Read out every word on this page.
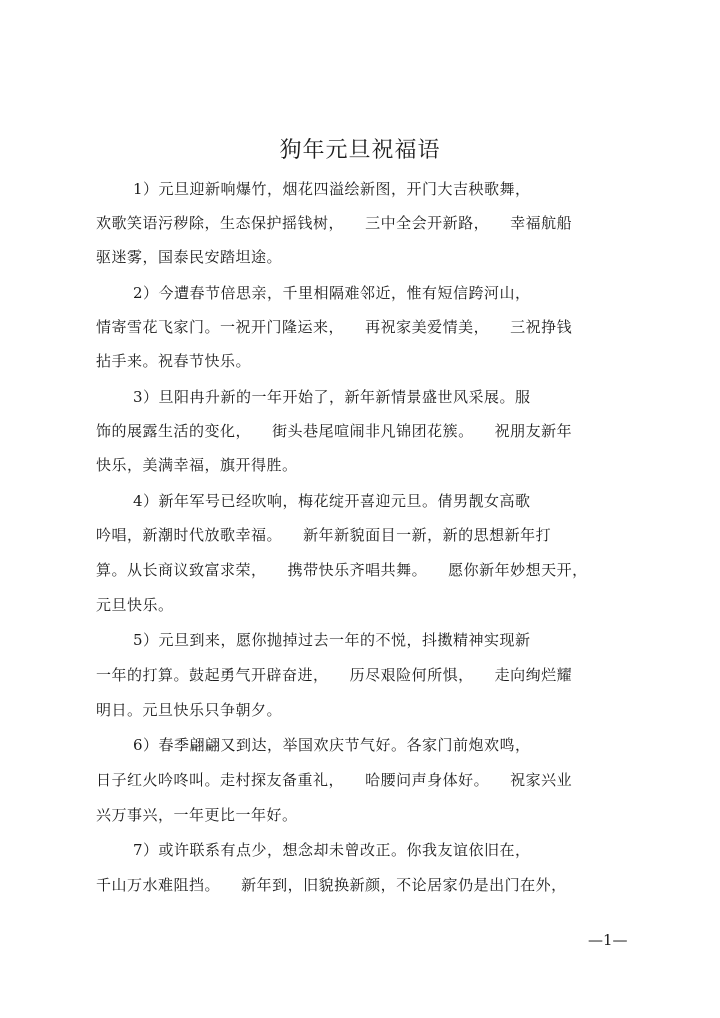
狗年元旦祝福语
1）元旦迎新响爆竹，烟花四溢绘新图，开门大吉秧歌舞，
欢歌笑语污秽除，生态保护摇钱树，    三中全会开新路，    幸福航船
驱迷雾，国泰民安踏坦途。
2）今遭春节倍思亲，千里相隔难邻近，惟有短信跨河山，
情寄雪花飞家门。一祝开门隆运来，    再祝家美爱情美，    三祝挣钱
拈手来。祝春节快乐。
3）旦阳冉升新的一年开始了，新年新情景盛世风采展。服
饰的展露生活的变化，    街头巷尾喧闹非凡锦团花簇。    祝朋友新年
快乐，美满幸福，旗开得胜。
4）新年军号已经吹响，梅花绽开喜迎元旦。倩男靓女高歌
吟唱，新潮时代放歌幸福。    新年新貌面目一新，新的思想新年打
算。从长商议致富求荣，    携带快乐齐唱共舞。    愿你新年妙想天开，
元旦快乐。
5）元旦到来，愿你抛掉过去一年的不悦，抖擞精神实现新
一年的打算。鼓起勇气开辟奋进，    历尽艰险何所惧，    走向绚烂耀
明日。元旦快乐只争朝夕。
6）春季翩翩又到达，举国欢庆节气好。各家门前炮欢鸣，
日子红火吟咚叫。走村探友备重礼，    哈腰问声身体好。    祝家兴业
兴万事兴，一年更比一年好。
7）或许联系有点少，想念却未曾改正。你我友谊依旧在，
千山万水难阻挡。    新年到，旧貌换新颜，不论居家仍是出门在外，
—1—
